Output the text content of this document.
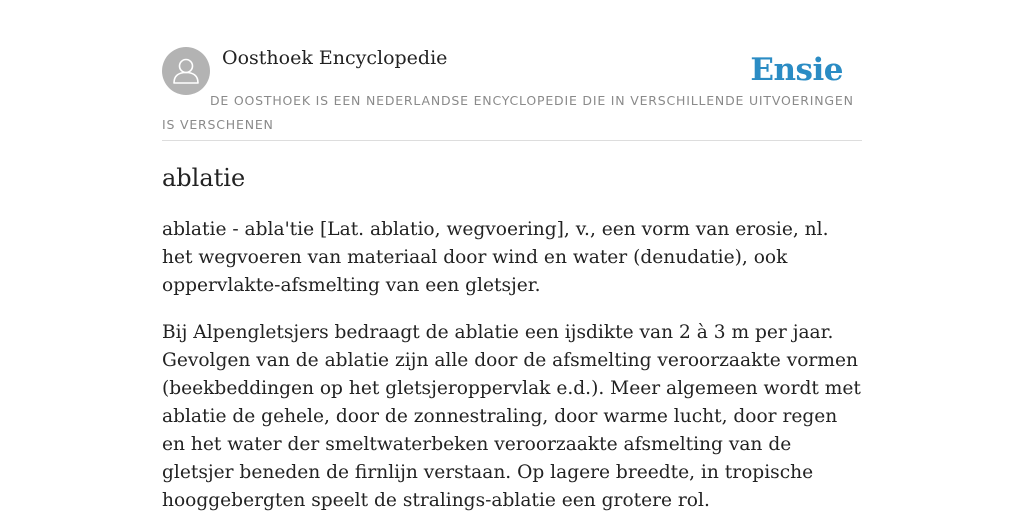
Oosthoek Encyclopedie	Ensie
DE OOSTHOEK IS EEN NEDERLANDSE ENCYCLOPEDIE DIE IN VERSCHILLENDE UITVOERINGEN IS VERSCHENEN
ablatie

ablatie - abla'tie [Lat. ablatio, wegvoering], v., een vorm van erosie, nl. het wegvoeren van materiaal door wind en water (denudatie), ook oppervlakte-afsmelting van een gletsjer.

Bij Alpengletsjers bedraagt de ablatie een ijsdikte van 2 à 3 m per jaar. Gevolgen van de ablatie zijn alle door de afsmelting veroorzaakte vormen (beekbeddingen op het gletsjeroppervlak e.d.). Meer algemeen wordt met ablatie de gehele, door de zonnestraling, door warme lucht, door regen en het water der smeltwaterbeken veroorzaakte afsmelting van de gletsjer beneden de firnlijn verstaan. Op lagere breedte, in tropische hooggebergten speelt de stralings-ablatie een grotere rol.
